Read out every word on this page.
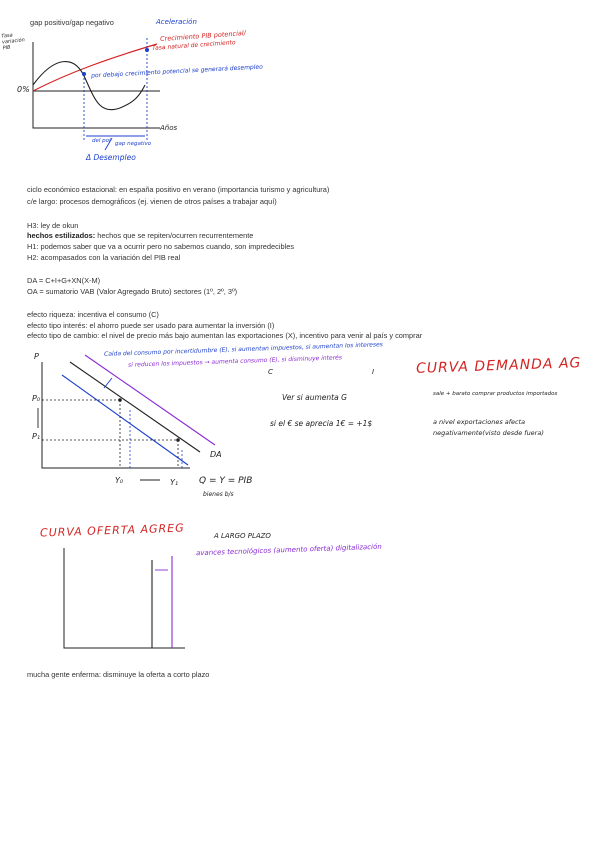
gap positivo/gap negativo
Tasa variación PIB
0%
Años
Aceleración
Crecimiento PIB potencial/
Tasa natural de crecimiento
por debajo crecimiento potencial se generará desempleo
del pol gap negativo
Δ Desempleo
ciclo económico estacional: en españa positivo en verano (importancia turismo y agricultura)
c/e largo: procesos demográficos (ej. vienen de otros países a trabajar aquí)
H3: ley de okun
hechos estilizados: hechos que se repiten/ocurren recurrentemente
H1: podemos saber que va a ocurrir pero no sabemos cuando, son impredecibles
H2: acompasados con la variación del PIB real
DA = C+I+G+XN(X-M)
OA = sumatorio VAB (Valor Agregado Bruto) sectores (1º, 2º, 3º)
efecto riqueza: incentiva el consumo (C)
efecto tipo interés: el ahorro puede ser usado para aumentar la inversión (I)
efecto tipo de cambio: el nivel de precio más bajo aumentan las exportaciones (X), incentivo para venir al país y comprar
P
P₀
P₁
Y₀	Y₁
DA
Q = Y = PIB
bienes b/s
Caída del consumo por incertidumbre (E), si aumentan impuestos, si aumentan los intereses
si reducen los impuestos → aumenta consumo (E), si disminuye interés
C	I	CURVA DEMANDA AG
Ver si aumenta G	sale + barato comprar productos importados
si el € se aprecia 1€ = +1$	a nivel exportaciones afecta
negativamente(visto desde fuera)
CURVA OFERTA AGREG	A LARGO PLAZO
avances tecnológicos (aumento oferta) digitalización
mucha gente enferma: disminuye la oferta a corto plazo
